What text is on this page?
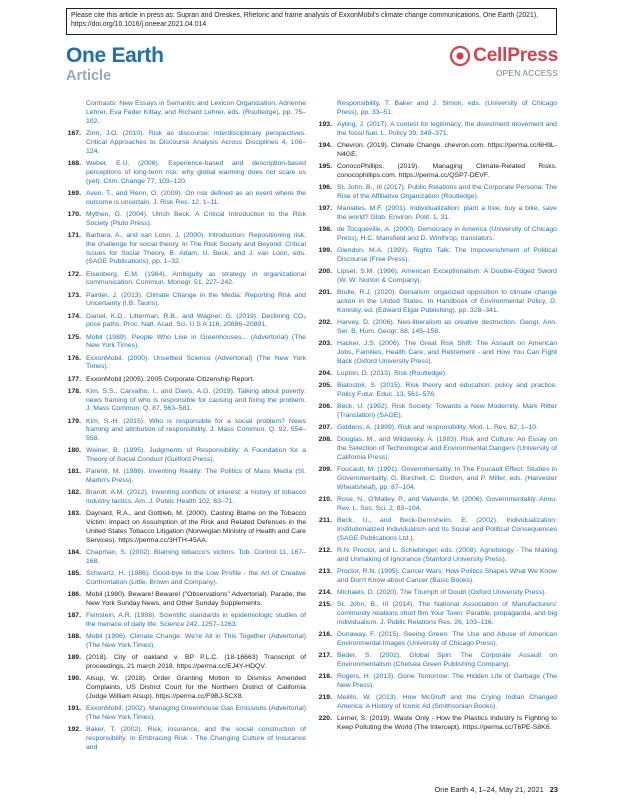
Please cite this article in press as: Supran and Oreskes, Rhetoric and frame analysis of ExxonMobil's climate change communications, One Earth (2021), https://doi.org/10.1016/j.oneear.2021.04.014
One Earth
Article
CellPress
OPEN ACCESS
Contrasts: New Essays in Semantic and Lexicon Organization, Adrienne Lehrer, Eva Feder Kittay, and Richard Lehrer, eds. (Routledge), pp. 75–102.
167. Zinn, J.O. (2010). Risk as discourse: interdisciplinary perspectives. Critical Approaches to Discourse Analysis Across Disciplines 4, 106–124.
168. Weber, E.U. (2006). Experience-based and description-based perceptions of long-term risk: why global warming does not scare us (yet). Clim. Change 77, 103–120.
169. Aven, T., and Renn, O. (2009). On risk defined as an event where the outcome is uncertain. J. Risk Res. 12, 1–11.
170. Mythen, G. (2004). Ulrich Beck: A Critical Introduction to the Risk Society (Pluto Press).
171. Barbara, A., and van Loon, J. (2000). Introduction: Repositioning risk; the challenge for social theory. In The Risk Society and Beyond: Critical Issues for Social Theory, B. Adam, U. Beck, and J. van Loon, eds. (SAGE Publications), pp. 1–32.
172. Eisenberg, E.M. (1984). Ambiguity as strategy in organizational communication. Commun. Monogr. 51, 227–242.
173. Painter, J. (2013). Climate Change in the Media: Reporting Risk and Uncertainty (I.B. Tauris).
174. Daniel, K.D., Litterman, R.B., and Wagner, G. (2019). Declining CO₂ price paths. Proc. Natl. Acad. Sci. U S A 116, 20886–20891.
175. Mobil (1989). People Who Live in Greenhouses... (Advertorial) (The New York Times).
176. ExxonMobil. (2000). Unsettled Science (Advertorial) (The New York Times).
177. ExxonMobil (2005). 2005 Corporate Citizenship Report.
178. Kim, S.S., Carvalho, I., and Davis, A.G. (2019). Talking about poverty: news framing of who is responsible for causing and fixing the problem. J. Mass Commun. Q. 87, 563–581.
179. Kim, S.-H. (2015). Who is responsible for a social problem? News framing and attribution of responsibility. J. Mass Commun. Q. 92, 554–558.
180. Weiner, B. (1995). Judgments of Responsibility: A Foundation for a Theory of Social Conduct (Guilford Press).
181. Parenti, M. (1986). Inventing Reality: The Politics of Mass Media (St. Martin's Press).
182. Brandt, A.M. (2012). Inventing conflicts of interest: a history of tobacco industry tactics. Am. J. Public Health 102, 63–71.
183. Daynard, R.A., and Gottlieb, M. (2000). Casting Blame on the Tobacco Victim: Impact on Assumption of the Risk and Related Defenses in the United States Tobacco Litigation (Norwegian Ministry of Health and Care Services). https://perma.cc/3HTH-45AA.
184. Chapman, S. (2002). Blaming tobacco's victims. Tob. Control 11, 167–168.
185. Schwartz, H. (1986). Good-bye to the Low Profile - the Art of Creative Confrontation (Little, Brown and Company).
186. Mobil (1980). Beware! Beware! ("Observations" Advertorial). Parade, the New York Sunday News, and Other Sunday Supplements.
187. Feinstein, A.R. (1988). Scientific standards in epidemiologic studies of the menace of daily life. Science 242, 1257–1263.
188. Mobil (1996). Climate Change: We're All in This Together (Advertorial) (The New York Times).
189. (2018). City of oakland v. BP P.L.C. (18-16663) Transcript of proceedings, 21 march 2018. https://perma.cc/EJ4Y-HDQV.
190. Alsup, W. (2018). Order Granting Motion to Dismiss Amended Complaints, US District Court for the Northern District of California (Judge William Alsup). https://perma.cc/F9BJ-5CX8.
191. ExxonMobil. (2002). Managing Greenhouse Gas Emissions (Advertorial) (The New York Times).
192. Baker, T. (2002). Risk, insurance, and the social construction of responsibility. In Embracing Risk - The Changing Culture of Insurance and
Responsibility, T. Baker and J. Simon, eds. (University of Chicago Press), pp. 33–51.
193. Ayling, J. (2017). A contest for legitimacy: the divestment movement and the fossil fuel. L. Policy 39, 349–371.
194. Chevron. (2019). Climate Change. chevron.com. https://perma.cc/6H9L-N4GE.
195. ConocoPhillips. (2019). Managing Climate-Related Risks. conocophillips.com. https://perma.cc/QSP7-DEVF.
196. St. John, B., III (2017). Public Relations and the Corporate Persona: The Rise of the Affiliative Organization (Routledge).
197. Maniates, M.F. (2001). Individualization: plant a tree, buy a bike, save the world? Glob. Environ. Polit. 1, 31.
198. de Tocqueville, A. (2000). Democracy in America (University of Chicago Press), H.C. Mansfield and D. Winthrop, translators.
199. Glendon, M.A. (1993). Rights Talk: The Impoverishment of Political Discourse (Free Press).
200. Lipset, S.M. (1996). American Exceptionalism: A Double-Edged Sword (W. W. Norton & Company).
201. Brulle, R.J. (2020). Denialism: organized opposition to climate change action in the United States. In Handbook of Environmental Policy, D. Konisky, ed. (Edward Elgar Publishing), pp. 328–341.
202. Harvey, D. (2006). Neo-liberalism as creative destruction. Geogr. Ann. Ser. B, Hum. Geogr. 88, 145–158.
203. Hacker, J.S. (2006). The Great Risk Shift: The Assault on American Jobs, Families, Health Care, and Retirement - and How You Can Fight Back (Oxford University Press).
204. Lupton, D. (2013). Risk (Routledge).
205. Bialostok, S. (2015). Risk theory and education: policy and practice. Policy Futur. Educ. 13, 561–576.
206. Beck, U. (1992). Risk Society: Towards a New Modernity. Mark Ritter (Translation) (SAGE).
207. Giddens, A. (1999). Risk and responsibility. Mod. L. Rev. 62, 1–10.
208. Douglas, M., and Wildavsky, A. (1983). Risk and Culture: An Essay on the Selection of Technological and Environmental Dangers (University of California Press).
209. Foucault, M. (1991). Governmentality. In The Foucault Effect: Studies in Governmentality, G. Burchell, C. Gordon, and P. Miller, eds. (Harvester Wheatsheaf), pp. 87–104.
210. Rose, N., O'Malley, P., and Valverde, M. (2006). Governmentality. Annu. Rev. L. Soc. Sci. 2, 83–104.
211. Beck, U., and Beck-Gernsheim, E. (2002). Individualization: Institutionalized Individualism and Its Social and Political Consequences (SAGE Publications Ltd.).
212. R.N. Proctor, and L. Schiebinger, eds. (2008). Agnotology - The Making and Unmaking of Ignorance (Stanford University Press).
213. Proctor, R.N. (1995). Cancer Wars: How Politics Shapes What We Know and Don't Know about Cancer (Basic Books).
214. Michaels, D. (2020). The Triumph of Doubt (Oxford University Press).
215. St. John, B., III (2014). The National Association of Manufacturers' community relations short film Your Town: Parable, propaganda, and big individualism. J. Public Relations Res. 26, 103–116.
216. Dunaway, F. (2015). Seeing Green: The Use and Abuse of American Environmental Images (University of Chicago Press).
217. Beder, S. (2002). Global Spin: The Corporate Assault on Environmentalism (Chelsea Green Publishing Company).
218. Rogers, H. (2013). Gone Tomorrow: The Hidden Life of Garbage (The New Press).
219. Melillo, W. (2013). How McGruff and the Crying Indian Changed America: A History of Iconic Ad (Smithsonian Books).
220. Lerner, S. (2019). Waste Only - How the Plastics Industry Is Fighting to Keep Polluting the World (The Intercept). https://perma.cc/T6PE-S8K6.
One Earth 4, 1–24, May 21, 2021 23
